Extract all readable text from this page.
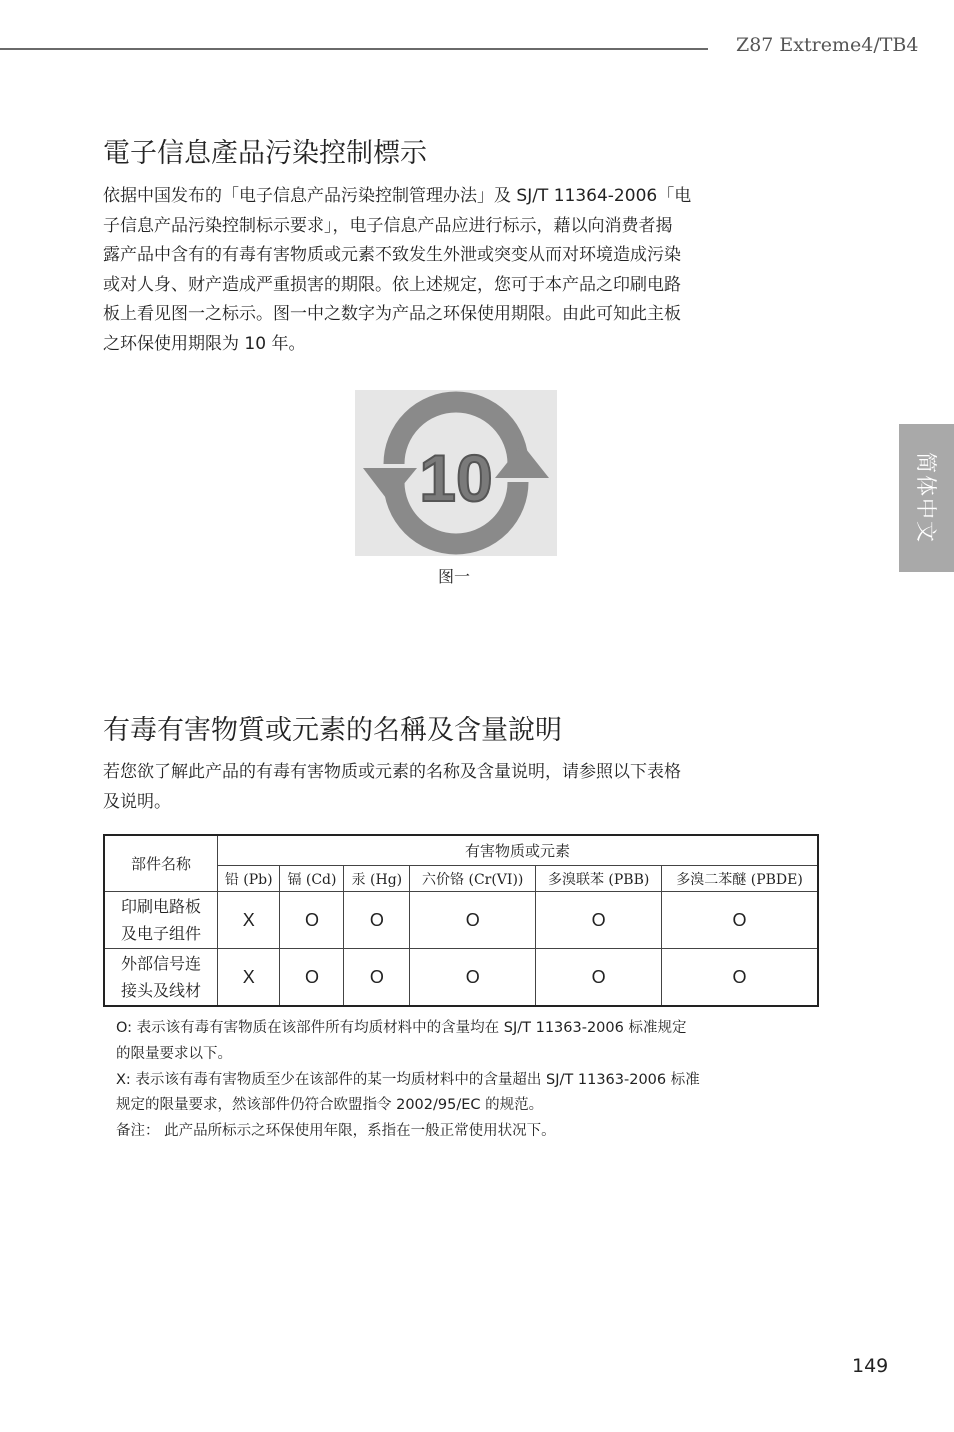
Z87 Extreme4/TB4
简体中文
電子信息產品污染控制標示
依据中国发布的「电子信息产品污染控制管理办法」及 SJ/T 11364-2006「电
子信息产品污染控制标示要求」，电子信息产品应进行标示，藉以向消费者揭
露产品中含有的有毒有害物质或元素不致发生外泄或突变从而对环境造成污染
或对人身、财产造成严重损害的期限。依上述规定，您可于本产品之印刷电路
板上看见图一之标示。图一中之数字为产品之环保使用期限。由此可知此主板
之环保使用期限为 10 年。
10
图一
有毒有害物質或元素的名稱及含量說明
若您欲了解此产品的有毒有害物质或元素的名称及含量说明，请参照以下表格
及说明。
部件名称	有害物质或元素					
	铅 (Pb)	镉 (Cd)	汞 (Hg)	六价铬 (Cr(VI))	多溴联苯 (PBB)	多溴二苯醚 (PBDE)

印刷电路板
及电子组件	X	O	O	O	O	O

外部信号连
接头及线材	X	O	O	O	O	O

O: 表示该有毒有害物质在该部件所有均质材料中的含量均在 SJ/T 11363-2006 标准规定

的限量要求以下。

X: 表示该有毒有害物质至少在该部件的某一均质材料中的含量超出 SJ/T 11363-2006 标准

规定的限量要求，然该部件仍符合欧盟指令 2002/95/EC 的规范。

备注： 此产品所标示之环保使用年限，系指在一般正常使用状况下。

149
